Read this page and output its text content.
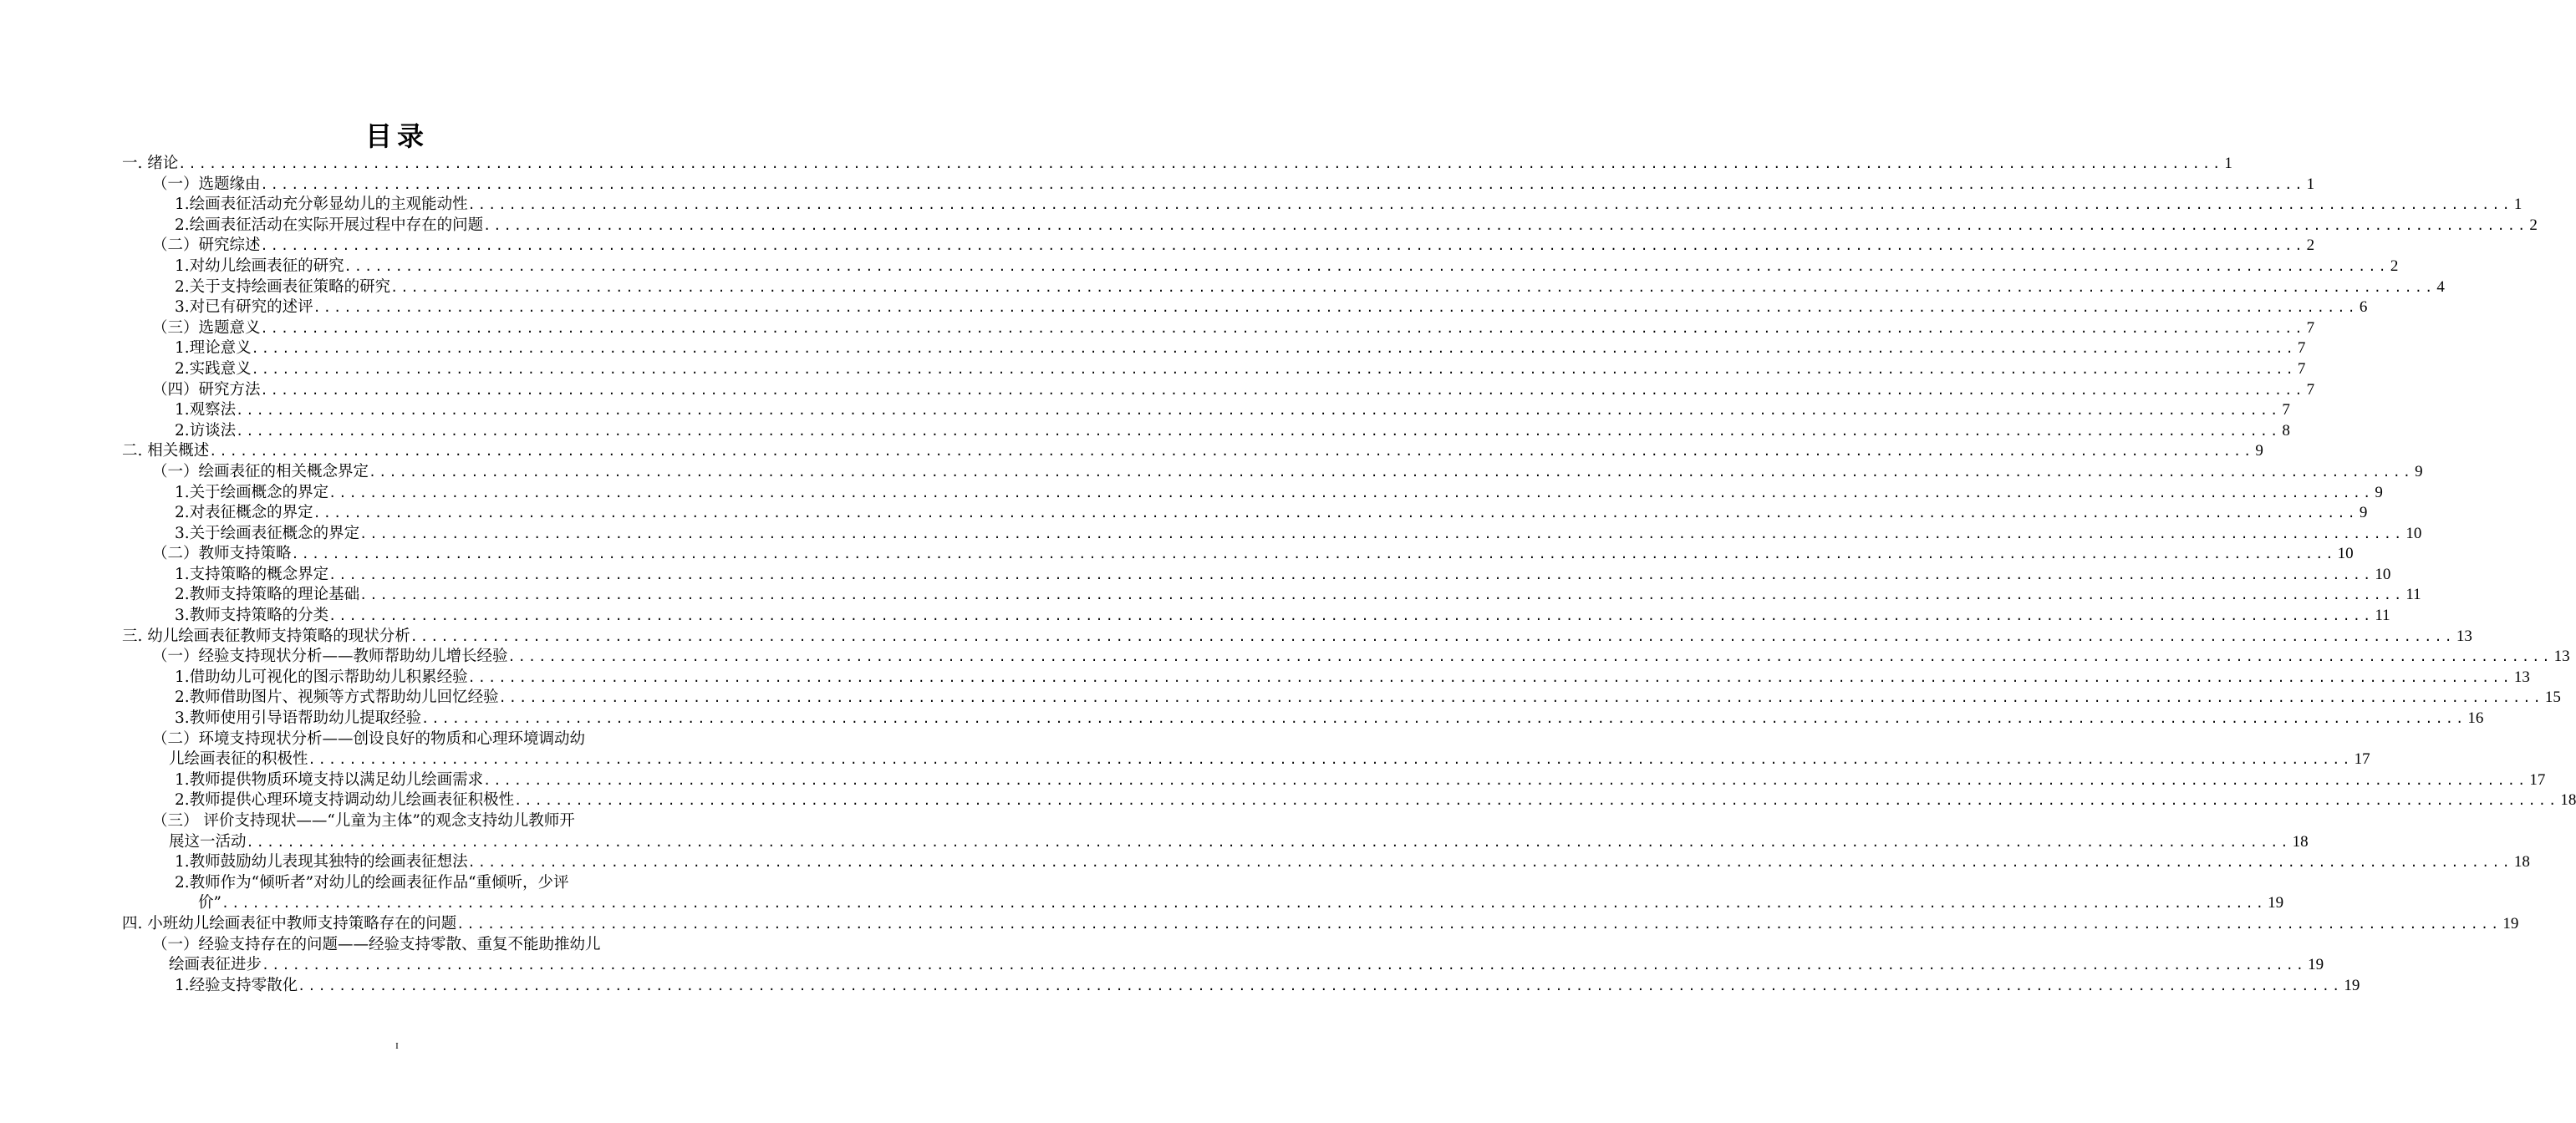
目录
一. 绪论 ........................................................................................................................................................................................................ 1
（一）选题缘由 ........................................................................................................................................................................................................ 1
1.绘画表征活动充分彰显幼儿的主观能动性 ........................................................................................................................................................................................................ 1
2.绘画表征活动在实际开展过程中存在的问题 ........................................................................................................................................................................................................ 2
（二）研究综述 ........................................................................................................................................................................................................ 2
1.对幼儿绘画表征的研究 ........................................................................................................................................................................................................ 2
2.关于支持绘画表征策略的研究 ........................................................................................................................................................................................................ 4
3.对已有研究的述评 ........................................................................................................................................................................................................ 6
（三）选题意义 ........................................................................................................................................................................................................ 7
1.理论意义 ........................................................................................................................................................................................................ 7
2.实践意义 ........................................................................................................................................................................................................ 7
（四）研究方法 ........................................................................................................................................................................................................ 7
1.观察法 ........................................................................................................................................................................................................ 7
2.访谈法 ........................................................................................................................................................................................................ 8
二. 相关概述 ........................................................................................................................................................................................................ 9
（一）绘画表征的相关概念界定 ........................................................................................................................................................................................................ 9
1.关于绘画概念的界定 ........................................................................................................................................................................................................ 9
2.对表征概念的界定 ........................................................................................................................................................................................................ 9
3.关于绘画表征概念的界定 ........................................................................................................................................................................................................ 10
（二）教师支持策略 ........................................................................................................................................................................................................ 10
1.支持策略的概念界定 ........................................................................................................................................................................................................ 10
2.教师支持策略的理论基础 ........................................................................................................................................................................................................ 11
3.教师支持策略的分类 ........................................................................................................................................................................................................ 11
三. 幼儿绘画表征教师支持策略的现状分析 ........................................................................................................................................................................................................ 13
（一）经验支持现状分析——教师帮助幼儿增长经验 ........................................................................................................................................................................................................ 13
1.借助幼儿可视化的图示帮助幼儿积累经验 ........................................................................................................................................................................................................ 13
2.教师借助图片、视频等方式帮助幼儿回忆经验 ........................................................................................................................................................................................................ 15
3.教师使用引导语帮助幼儿提取经验 ........................................................................................................................................................................................................ 16
（二）环境支持现状分析——创设良好的物质和心理环境调动幼
儿绘画表征的积极性 ........................................................................................................................................................................................................ 17
1.教师提供物质环境支持以满足幼儿绘画需求 ........................................................................................................................................................................................................ 17
2.教师提供心理环境支持调动幼儿绘画表征积极性 ........................................................................................................................................................................................................ 18
（三） 评价支持现状——“儿童为主体”的观念支持幼儿教师开
展这一活动 ........................................................................................................................................................................................................ 18
1.教师鼓励幼儿表现其独特的绘画表征想法 ........................................................................................................................................................................................................ 18
2.教师作为“倾听者”对幼儿的绘画表征作品“重倾听，少评
价” ........................................................................................................................................................................................................ 19
四. 小班幼儿绘画表征中教师支持策略存在的问题 ........................................................................................................................................................................................................ 19
（一）经验支持存在的问题——经验支持零散、重复不能助推幼儿
绘画表征进步 ........................................................................................................................................................................................................ 19
1.经验支持零散化 ........................................................................................................................................................................................................ 19
I
